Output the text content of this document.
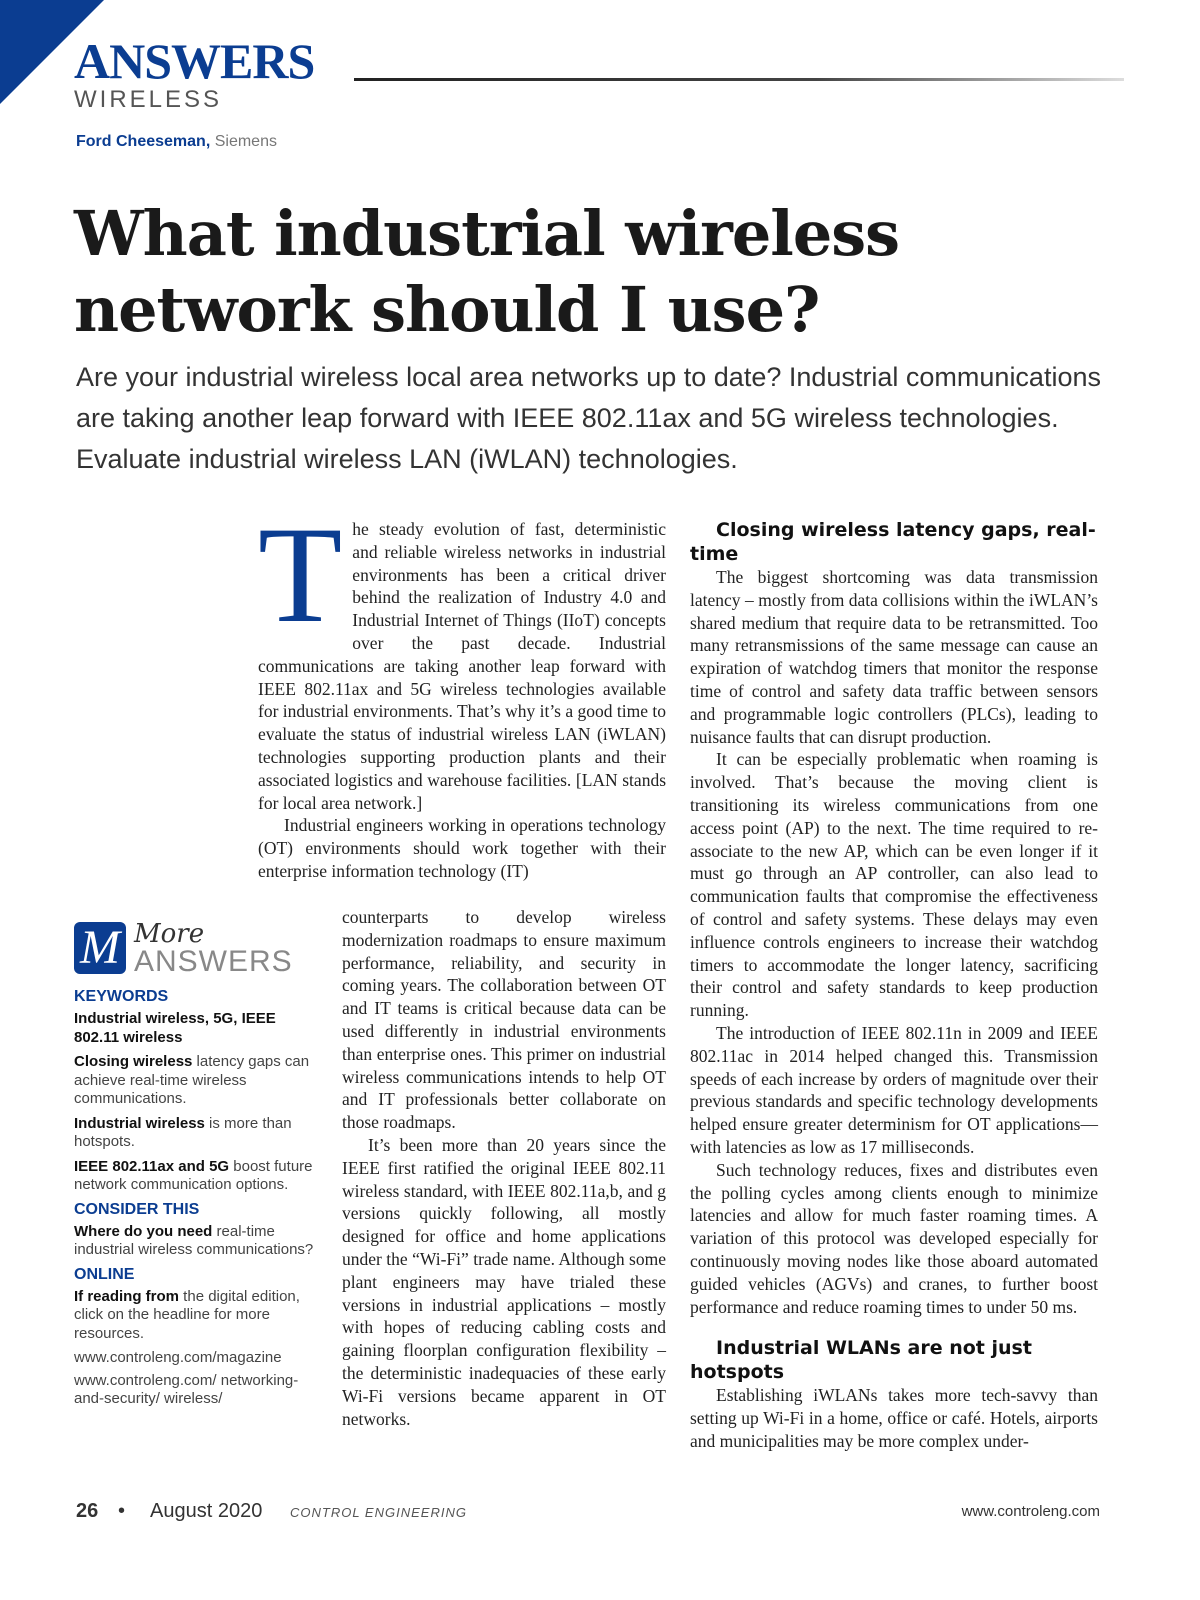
ANSWERS
WIRELESS
Ford Cheeseman, Siemens
What industrial wireless network should I use?

Are your industrial wireless local area networks up to date? Industrial communications are taking another leap forward with IEEE 802.11ax and 5G wireless technologies. Evaluate industrial wireless LAN (iWLAN) technologies.

T he steady evolution of fast, deterministic and reliable wireless networks in industrial environments has been a critical driver behind the realization of Industry 4.0 and Industrial Internet of Things (IIoT) concepts over the past decade. Industrial communications are taking another leap forward with IEEE 802.11ax and 5G wireless technologies available for industrial environments. That’s why it’s a good time to evaluate the status of industrial wireless LAN (iWLAN) technologies supporting production plants and their associated logistics and warehouse facilities. [LAN stands for local area network.]

Industrial engineers working in operations technology (OT) environments should work together with their enterprise information technology (IT)

counterparts to develop wireless modernization roadmaps to ensure maximum performance, reliability, and security in coming years. The collaboration between OT and IT teams is critical because data can be used differently in industrial environments than enterprise ones. This primer on industrial wireless communications intends to help OT and IT professionals better collaborate on those roadmaps.

It’s been more than 20 years since the IEEE first ratified the original IEEE 802.11 wireless standard, with IEEE 802.11a,b, and g versions quickly following, all mostly designed for office and home applications under the “Wi-Fi” trade name. Although some plant engineers may have trialed these versions in industrial applications – mostly with hopes of reducing cabling costs and gaining floorplan configuration flexibility – the deterministic inadequacies of these early Wi-Fi versions became apparent in OT networks.

Closing wireless latency gaps, real-time

The biggest shortcoming was data transmission latency – mostly from data collisions within the iWLAN’s shared medium that require data to be retransmitted. Too many retransmissions of the same message can cause an expiration of watchdog timers that monitor the response time of control and safety data traffic between sensors and programmable logic controllers (PLCs), leading to nuisance faults that can disrupt production.

It can be especially problematic when roaming is involved. That’s because the moving client is transitioning its wireless communications from one access point (AP) to the next. The time required to re-associate to the new AP, which can be even longer if it must go through an AP controller, can also lead to communication faults that compromise the effectiveness of control and safety systems. These delays may even influence controls engineers to increase their watchdog timers to accommodate the longer latency, sacrificing their control and safety standards to keep production running.

The introduction of IEEE 802.11n in 2009 and IEEE 802.11ac in 2014 helped changed this. Transmission speeds of each increase by orders of magnitude over their previous standards and specific technology developments helped ensure greater determinism for OT applications—with latencies as low as 17 milliseconds.

Such technology reduces, fixes and distributes even the polling cycles among clients enough to minimize latencies and allow for much faster roaming times. A variation of this protocol was developed especially for continuously moving nodes like those aboard automated guided vehicles (AGVs) and cranes, to further boost performance and reduce roaming times to under 50 ms.

Industrial WLANs are not just hotspots

Establishing iWLANs takes more tech-savvy than setting up Wi-Fi in a home, office or café. Hotels, airports and municipalities may be more complex under-

M More
ANSWERS
KEYWORDS

Industrial wireless, 5G, IEEE 802.11 wireless

Closing wireless latency gaps can achieve real-time wireless communications.

Industrial wireless is more than hotspots.

IEEE 802.11ax and 5G boost future network communication options.

CONSIDER THIS

Where do you need real-time industrial wireless communications?

ONLINE

If reading from the digital edition, click on the headline for more resources.

www.controleng.com/magazine

www.controleng.com/ networking-and-security/ wireless/

26 • August 2020 CONTROL ENGINEERING	www.controleng.com
